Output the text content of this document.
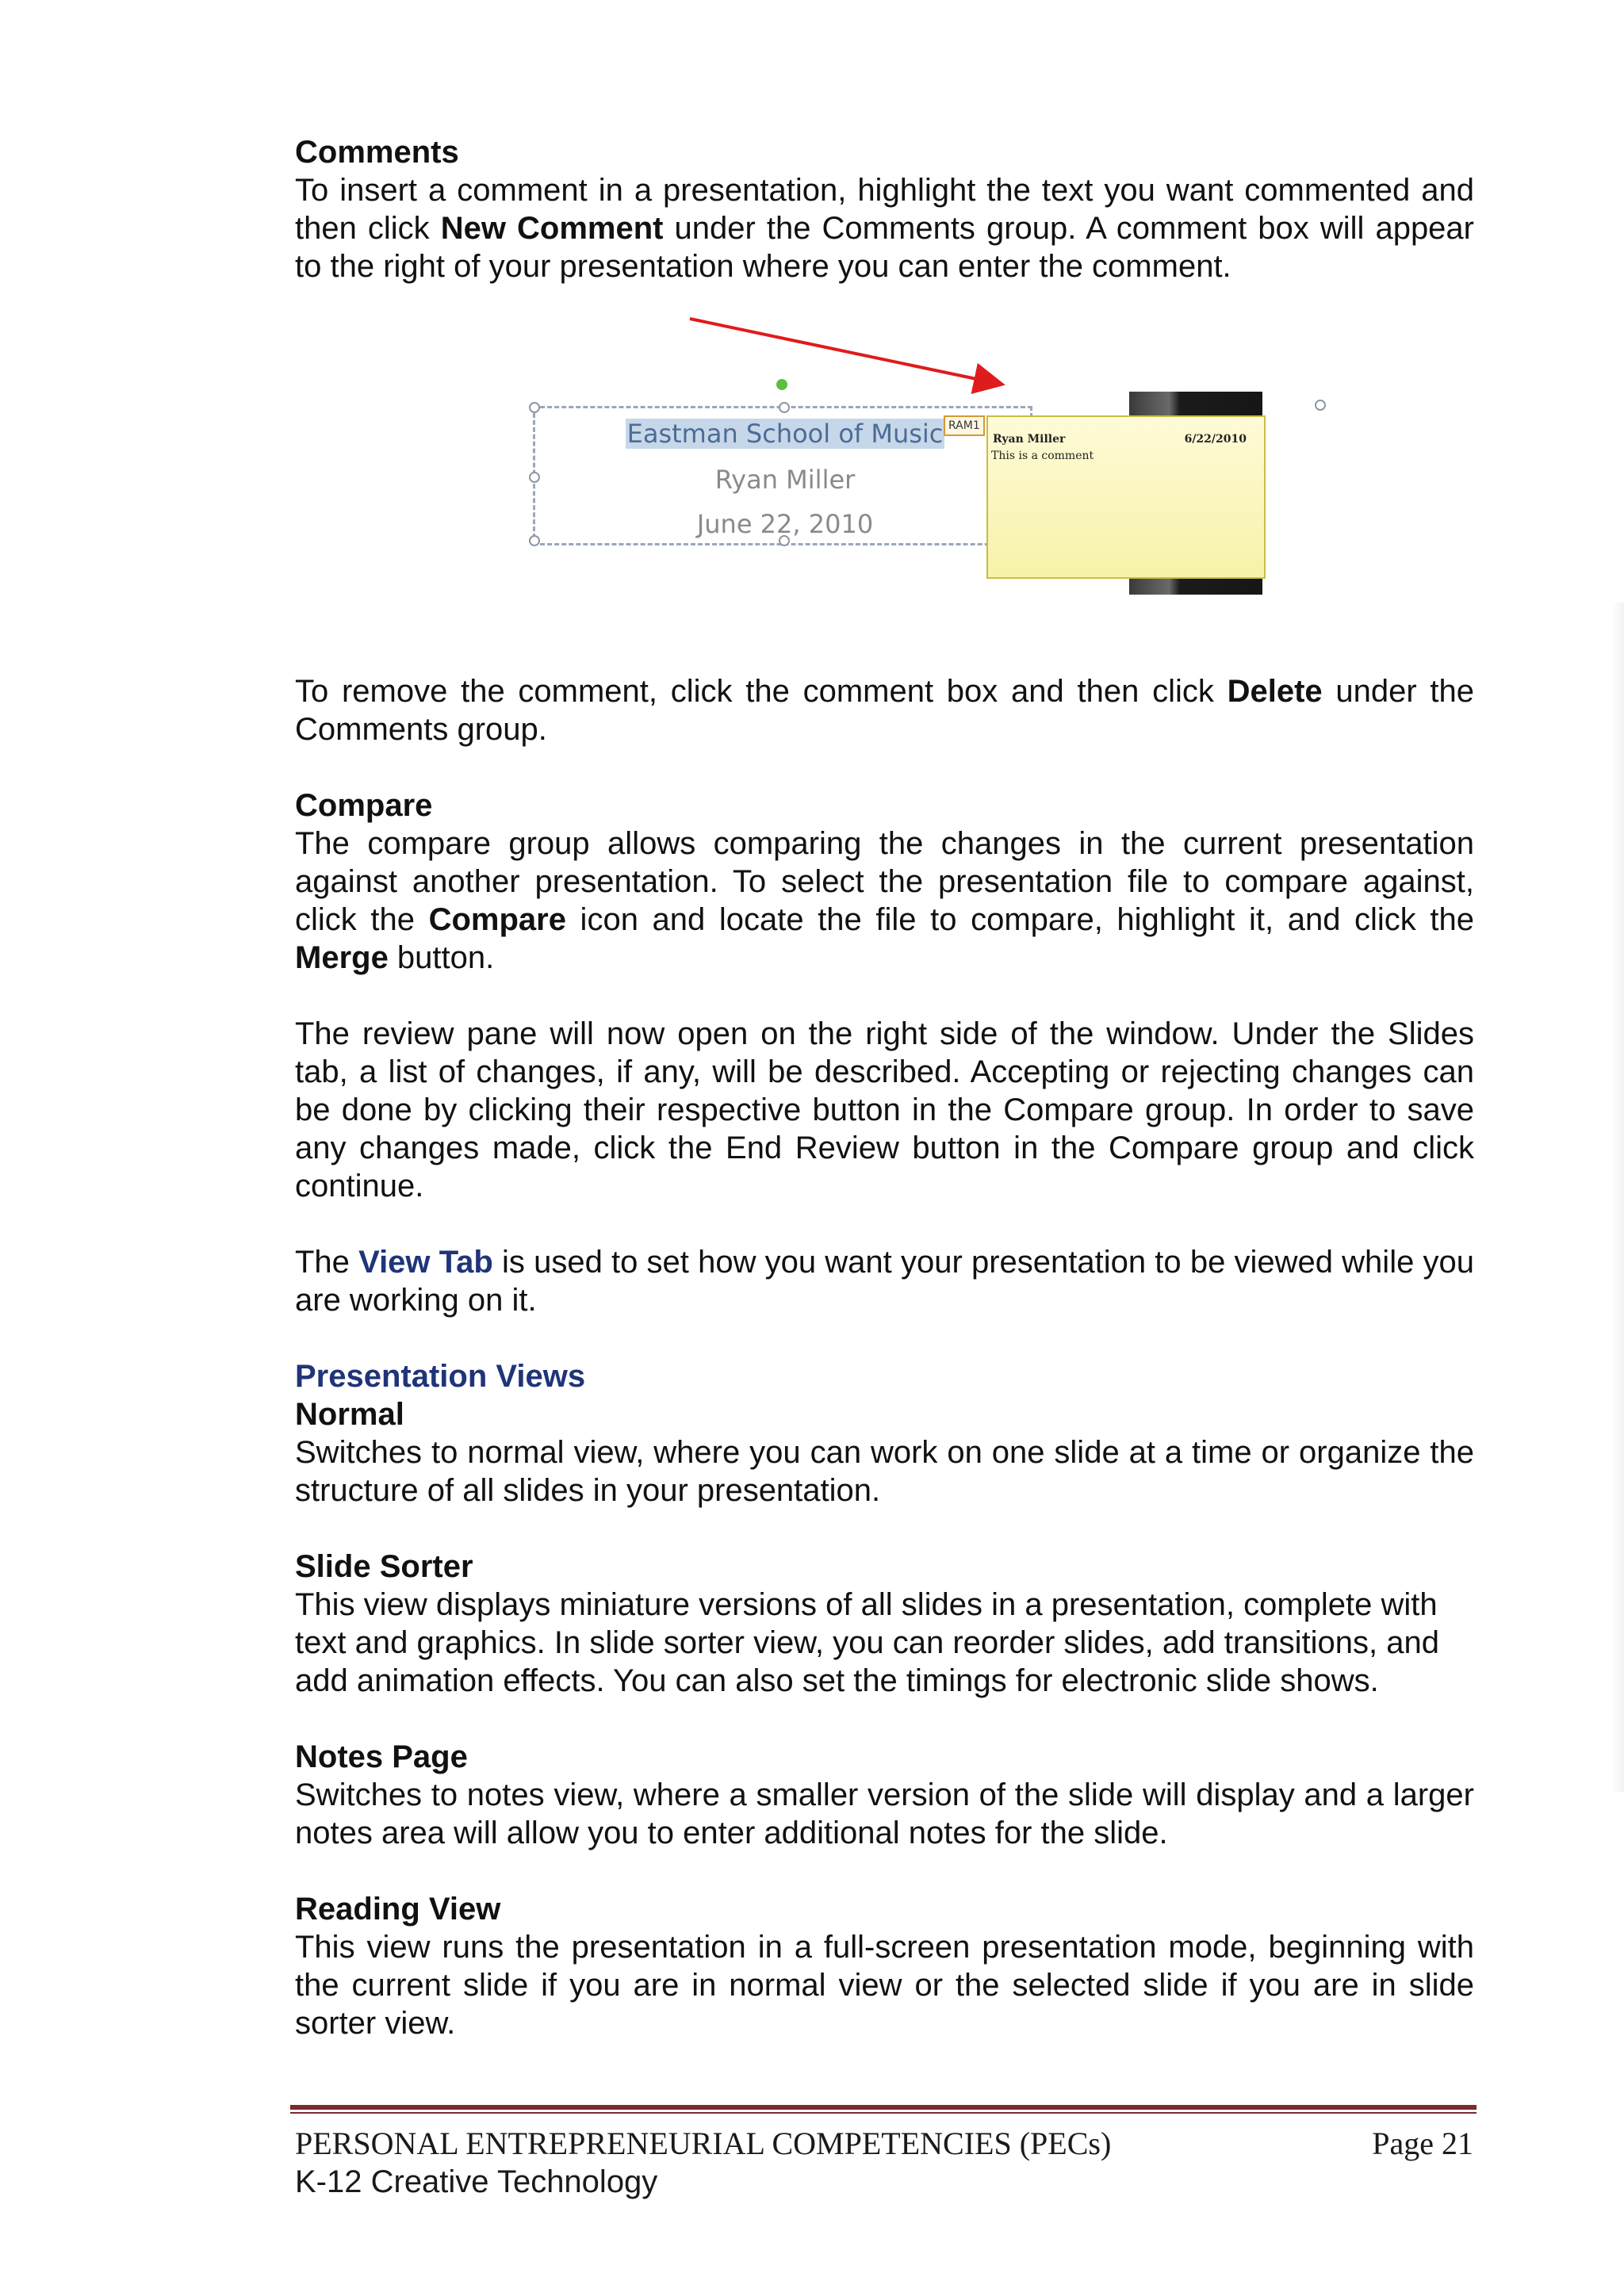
Comments

To insert a comment in a presentation, highlight the text you want commented and then click New Comment under the Comments group. A comment box will appear to the right of your presentation where you can enter the comment.

Eastman School of Music
Ryan Miller
June 22, 2010
RAM1
Ryan Miller	6/22/2010
This is a comment

To remove the comment, click the comment box and then click Delete under the Comments group.

Compare

The compare group allows comparing the changes in the current presentation against another presentation. To select the presentation file to compare against, click the Compare icon and locate the file to compare, highlight it, and click the Merge button.

The review pane will now open on the right side of the window. Under the Slides tab, a list of changes, if any, will be described. Accepting or rejecting changes can be done by clicking their respective button in the Compare group. In order to save any changes made, click the End Review button in the Compare group and click continue.

The View Tab is used to set how you want your presentation to be viewed while you are working on it.

Presentation Views

Normal

Switches to normal view, where you can work on one slide at a time or organize the structure of all slides in your presentation.

Slide Sorter

This view displays miniature versions of all slides in a presentation, complete with text and graphics. In slide sorter view, you can reorder slides, add transitions, and add animation effects. You can also set the timings for electronic slide shows.

Notes Page

Switches to notes view, where a smaller version of the slide will display and a larger notes area will allow you to enter additional notes for the slide.

Reading View

This view runs the presentation in a full-screen presentation mode, beginning with the current slide if you are in normal view or the selected slide if you are in slide sorter view.

PERSONAL ENTREPRENEURIAL COMPETENCIES (PECs)	Page 21
K-12 Creative Technology
